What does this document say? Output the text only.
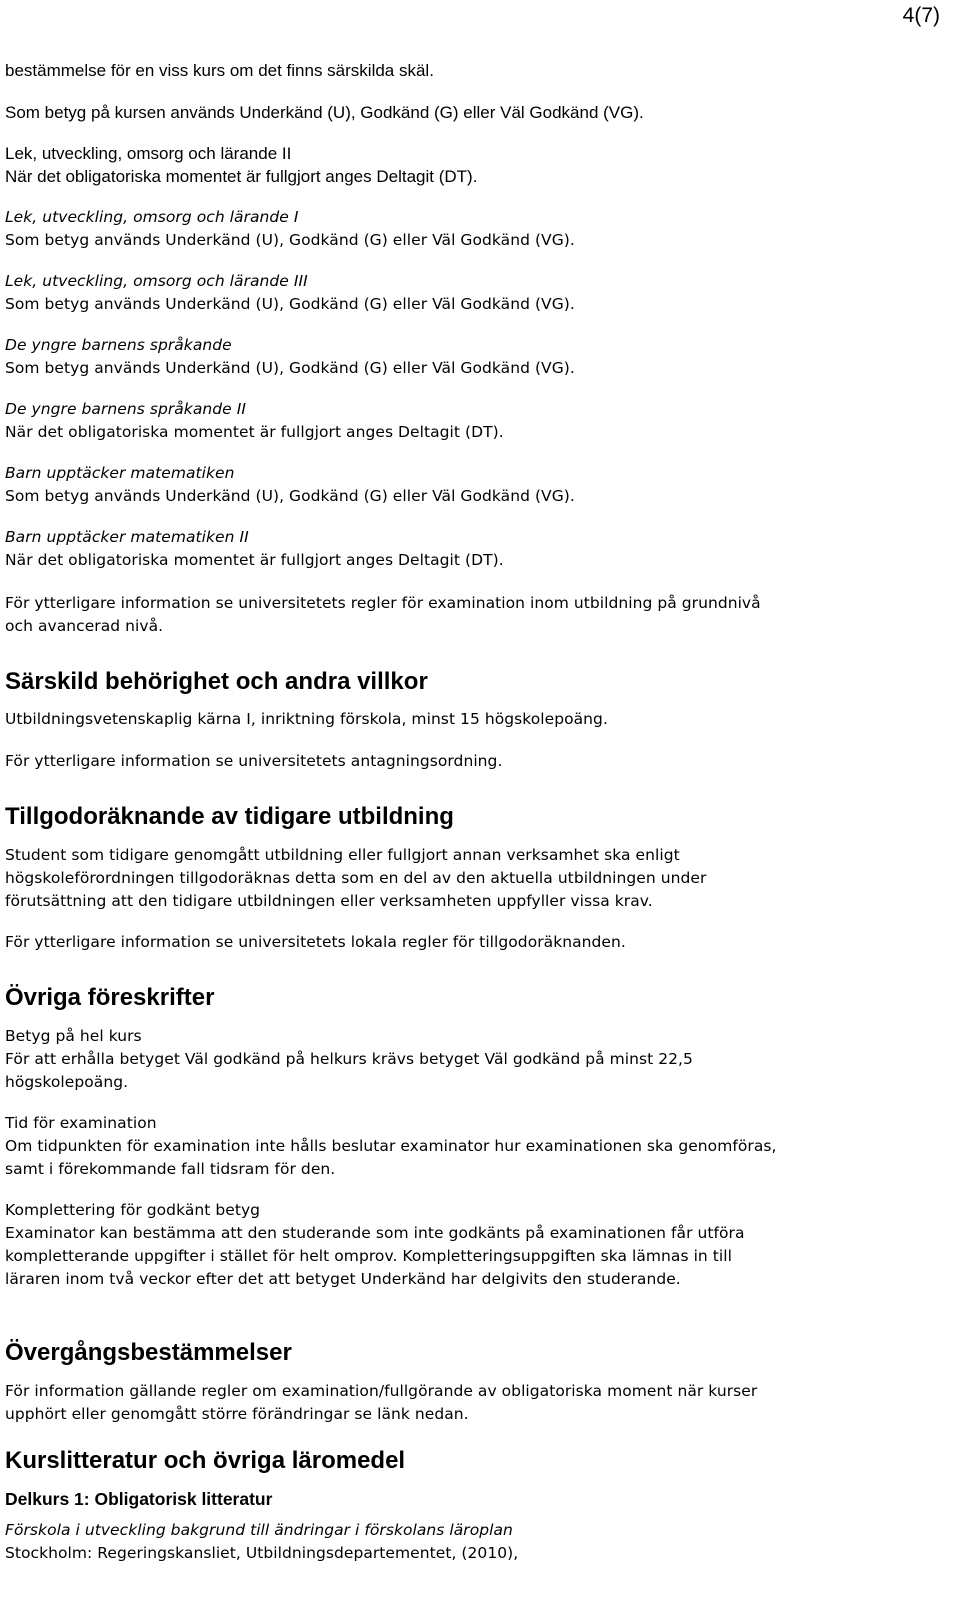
4(7)

bestämmelse för en viss kurs om det finns särskilda skäl.

Som betyg på kursen används Underkänd (U), Godkänd (G) eller Väl Godkänd (VG).

Lek, utveckling, omsorg och lärande II

När det obligatoriska momentet är fullgjort anges Deltagit (DT).

Lek, utveckling, omsorg och lärande I

Som betyg används Underkänd (U), Godkänd (G) eller Väl Godkänd (VG).

Lek, utveckling, omsorg och lärande III

Som betyg används Underkänd (U), Godkänd (G) eller Väl Godkänd (VG).

De yngre barnens språkande

Som betyg används Underkänd (U), Godkänd (G) eller Väl Godkänd (VG).

De yngre barnens språkande II

När det obligatoriska momentet är fullgjort anges Deltagit (DT).

Barn upptäcker matematiken

Som betyg används Underkänd (U), Godkänd (G) eller Väl Godkänd (VG).

Barn upptäcker matematiken II

När det obligatoriska momentet är fullgjort anges Deltagit (DT).

För ytterligare information se universitetets regler för examination inom utbildning på grundnivå

och avancerad nivå.

Särskild behörighet och andra villkor

Utbildningsvetenskaplig kärna I, inriktning förskola, minst 15 högskolepoäng.

För ytterligare information se universitetets antagningsordning.

Tillgodoräknande av tidigare utbildning

Student som tidigare genomgått utbildning eller fullgjort annan verksamhet ska enligt

högskoleförordningen tillgodoräknas detta som en del av den aktuella utbildningen under

förutsättning att den tidigare utbildningen eller verksamheten uppfyller vissa krav.

För ytterligare information se universitetets lokala regler för tillgodoräknanden.

Övriga föreskrifter

Betyg på hel kurs

För att erhålla betyget Väl godkänd på helkurs krävs betyget Väl godkänd på minst 22,5

högskolepoäng.

Tid för examination

Om tidpunkten för examination inte hålls beslutar examinator hur examinationen ska genomföras,

samt i förekommande fall tidsram för den.

Komplettering för godkänt betyg

Examinator kan bestämma att den studerande som inte godkänts på examinationen får utföra

kompletterande uppgifter i stället för helt omprov. Kompletteringsuppgiften ska lämnas in till

läraren inom två veckor efter det att betyget Underkänd har delgivits den studerande.

Övergångsbestämmelser

För information gällande regler om examination/fullgörande av obligatoriska moment när kurser

upphört eller genomgått större förändringar se länk nedan.

Kurslitteratur och övriga läromedel
Delkurs 1: Obligatorisk litteratur

Förskola i utveckling bakgrund till ändringar i förskolans läroplan

Stockholm: Regeringskansliet, Utbildningsdepartementet, (2010),
